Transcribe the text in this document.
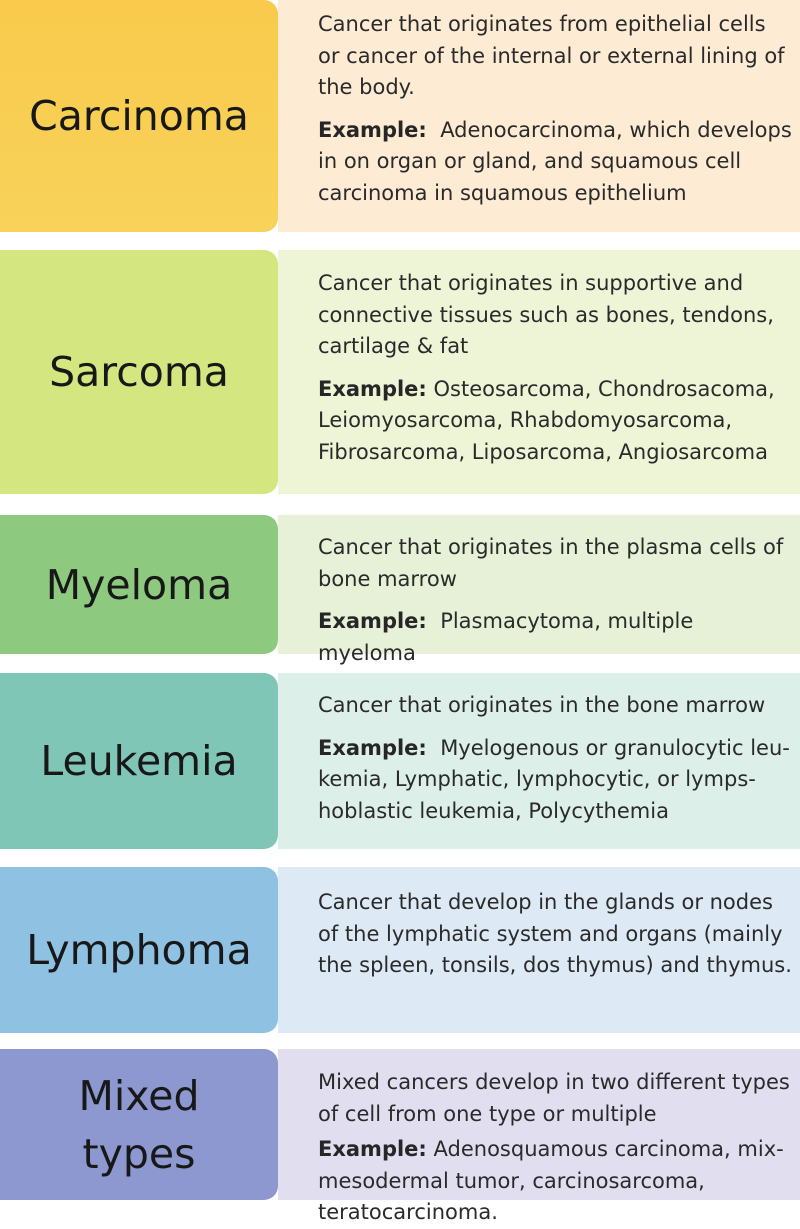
Carcinoma

Cancer that originates from epithelial cells or cancer of the internal or external lining of the body.

Example: Adenocarcinoma, which develops in on organ or gland, and squamous cell carcinoma in squamous epithelium

Sarcoma

Cancer that originates in supportive and connective tissues such as bones, tendons, cartilage & fat

Example: Osteosarcoma, Chondrosacoma, Leiomyosarcoma, Rhabdomyosarcoma, Fibrosarcoma, Liposarcoma, Angiosarcoma

Myeloma

Cancer that originates in the plasma cells of bone marrow

Example: Plasmacytoma, multiple myeloma

Leukemia

Cancer that originates in the bone marrow

Example: Myelogenous or granulocytic leu-kemia, Lymphatic, lymphocytic, or lymps-hoblastic leukemia, Polycythemia

Lymphoma

Cancer that develop in the glands or nodes of the lymphatic system and organs (mainly the spleen, tonsils, dos thymus) and thymus.

Mixed
types

Mixed cancers develop in two different types of cell from one type or multiple

Example: Adenosquamous carcinoma, mix-mesodermal tumor, carcinosarcoma, teratocarcinoma.
